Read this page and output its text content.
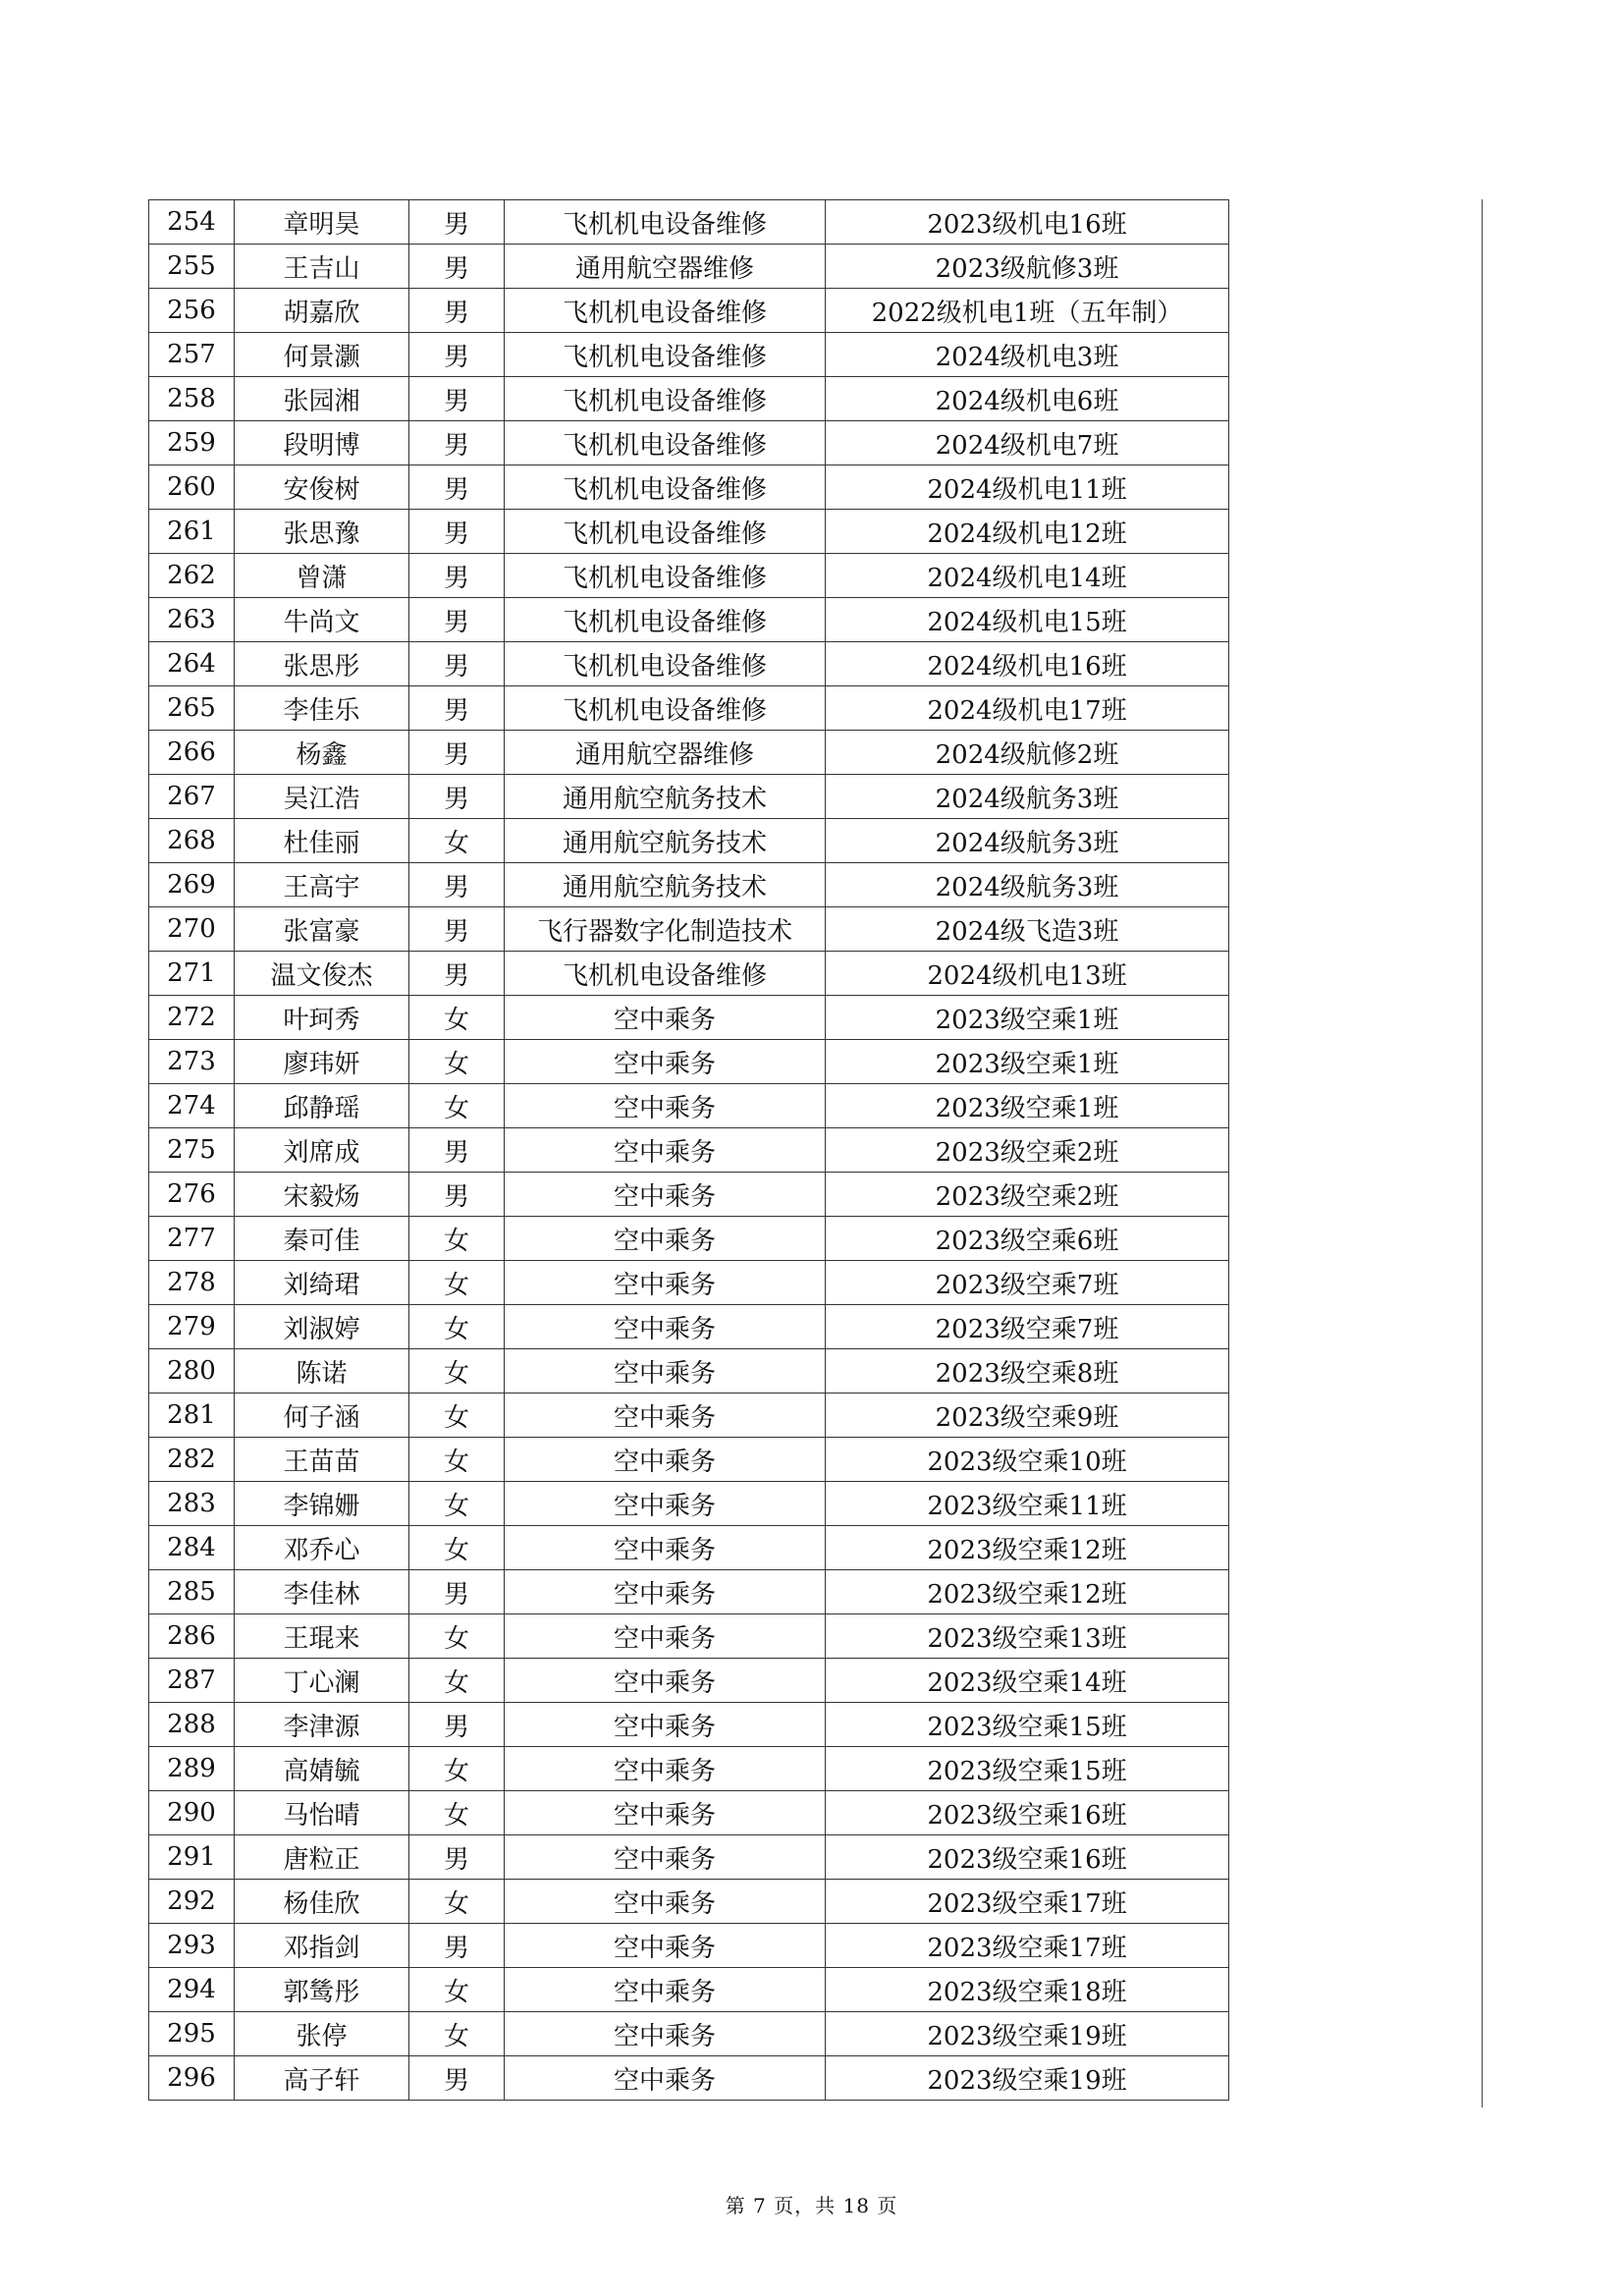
254	章明昊	男	飞机机电设备维修	2023级机电16班
255	王吉山	男	通用航空器维修	2023级航修3班
256	胡嘉欣	男	飞机机电设备维修	2022级机电1班（五年制）
257	何景灏	男	飞机机电设备维修	2024级机电3班
258	张园湘	男	飞机机电设备维修	2024级机电6班
259	段明博	男	飞机机电设备维修	2024级机电7班
260	安俊树	男	飞机机电设备维修	2024级机电11班
261	张思豫	男	飞机机电设备维修	2024级机电12班
262	曾潇	男	飞机机电设备维修	2024级机电14班
263	牛尚文	男	飞机机电设备维修	2024级机电15班
264	张思彤	男	飞机机电设备维修	2024级机电16班
265	李佳乐	男	飞机机电设备维修	2024级机电17班
266	杨鑫	男	通用航空器维修	2024级航修2班
267	吴江浩	男	通用航空航务技术	2024级航务3班
268	杜佳丽	女	通用航空航务技术	2024级航务3班
269	王高宇	男	通用航空航务技术	2024级航务3班
270	张富豪	男	飞行器数字化制造技术	2024级飞造3班
271	温文俊杰	男	飞机机电设备维修	2024级机电13班
272	叶珂秀	女	空中乘务	2023级空乘1班
273	廖玮妍	女	空中乘务	2023级空乘1班
274	邱静瑶	女	空中乘务	2023级空乘1班
275	刘席成	男	空中乘务	2023级空乘2班
276	宋毅炀	男	空中乘务	2023级空乘2班
277	秦可佳	女	空中乘务	2023级空乘6班
278	刘绮珺	女	空中乘务	2023级空乘7班
279	刘淑婷	女	空中乘务	2023级空乘7班
280	陈诺	女	空中乘务	2023级空乘8班
281	何子涵	女	空中乘务	2023级空乘9班
282	王苗苗	女	空中乘务	2023级空乘10班
283	李锦姗	女	空中乘务	2023级空乘11班
284	邓乔心	女	空中乘务	2023级空乘12班
285	李佳林	男	空中乘务	2023级空乘12班
286	王琨来	女	空中乘务	2023级空乘13班
287	丁心澜	女	空中乘务	2023级空乘14班
288	李津源	男	空中乘务	2023级空乘15班
289	高婧毓	女	空中乘务	2023级空乘15班
290	马怡晴	女	空中乘务	2023级空乘16班
291	唐粒正	男	空中乘务	2023级空乘16班
292	杨佳欣	女	空中乘务	2023级空乘17班
293	邓指剑	男	空中乘务	2023级空乘17班
294	郭鸶彤	女	空中乘务	2023级空乘18班
295	张停	女	空中乘务	2023级空乘19班
296	高子轩	男	空中乘务	2023级空乘19班
第 7 页，共 18 页
